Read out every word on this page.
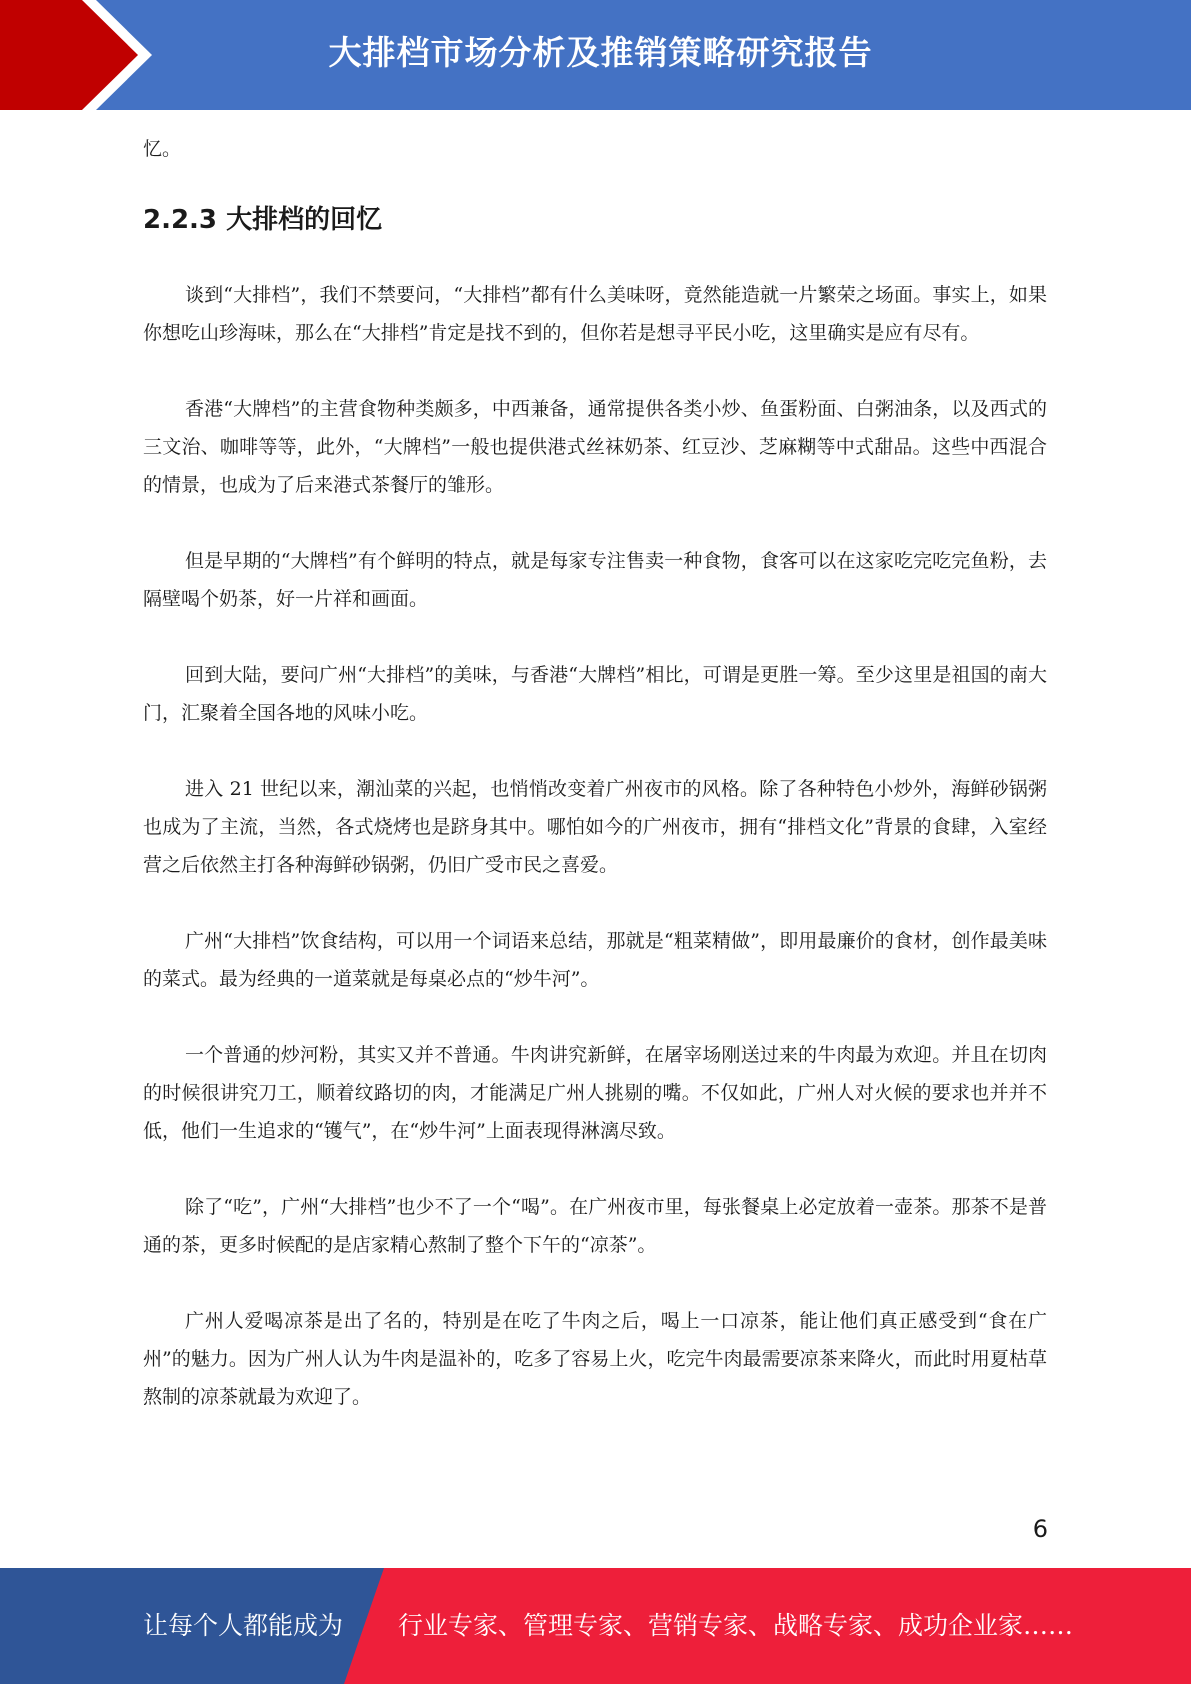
大排档市场分析及推销策略研究报告

忆。

2.2.3 大排档的回忆

谈到“大排档”，我们不禁要问，“大排档”都有什么美味呀，竟然能造就一片繁荣之场面。事实上，如果你想吃山珍海味，那么在“大排档”肯定是找不到的，但你若是想寻平民小吃，这里确实是应有尽有。

香港“大牌档”的主营食物种类颇多，中西兼备，通常提供各类小炒、鱼蛋粉面、白粥油条，以及西式的三文治、咖啡等等，此外，“大牌档”一般也提供港式丝袜奶茶、红豆沙、芝麻糊等中式甜品。这些中西混合的情景，也成为了后来港式茶餐厅的雏形。

但是早期的“大牌档”有个鲜明的特点，就是每家专注售卖一种食物，食客可以在这家吃完吃完鱼粉，去隔壁喝个奶茶，好一片祥和画面。

回到大陆，要问广州“大排档”的美味，与香港“大牌档”相比，可谓是更胜一筹。至少这里是祖国的南大门，汇聚着全国各地的风味小吃。

进入 21 世纪以来，潮汕菜的兴起，也悄悄改变着广州夜市的风格。除了各种特色小炒外，海鲜砂锅粥也成为了主流，当然，各式烧烤也是跻身其中。哪怕如今的广州夜市，拥有“排档文化”背景的食肆，入室经营之后依然主打各种海鲜砂锅粥，仍旧广受市民之喜爱。

广州“大排档”饮食结构，可以用一个词语来总结，那就是“粗菜精做”，即用最廉价的食材，创作最美味的菜式。最为经典的一道菜就是每桌必点的“炒牛河”。

一个普通的炒河粉，其实又并不普通。牛肉讲究新鲜，在屠宰场刚送过来的牛肉最为欢迎。并且在切肉的时候很讲究刀工，顺着纹路切的肉，才能满足广州人挑剔的嘴。不仅如此，广州人对火候的要求也并并不低，他们一生追求的“镬气”，在“炒牛河”上面表现得淋漓尽致。

除了“吃”，广州“大排档”也少不了一个“喝”。在广州夜市里，每张餐桌上必定放着一壶茶。那茶不是普通的茶，更多时候配的是店家精心熬制了整个下午的“凉茶”。

广州人爱喝凉茶是出了名的，特别是在吃了牛肉之后，喝上一口凉茶，能让他们真正感受到“食在广州”的魅力。因为广州人认为牛肉是温补的，吃多了容易上火，吃完牛肉最需要凉茶来降火，而此时用夏枯草熬制的凉茶就最为欢迎了。

6
让每个人都能成为 行业专家、管理专家、营销专家、战略专家、成功企业家……
